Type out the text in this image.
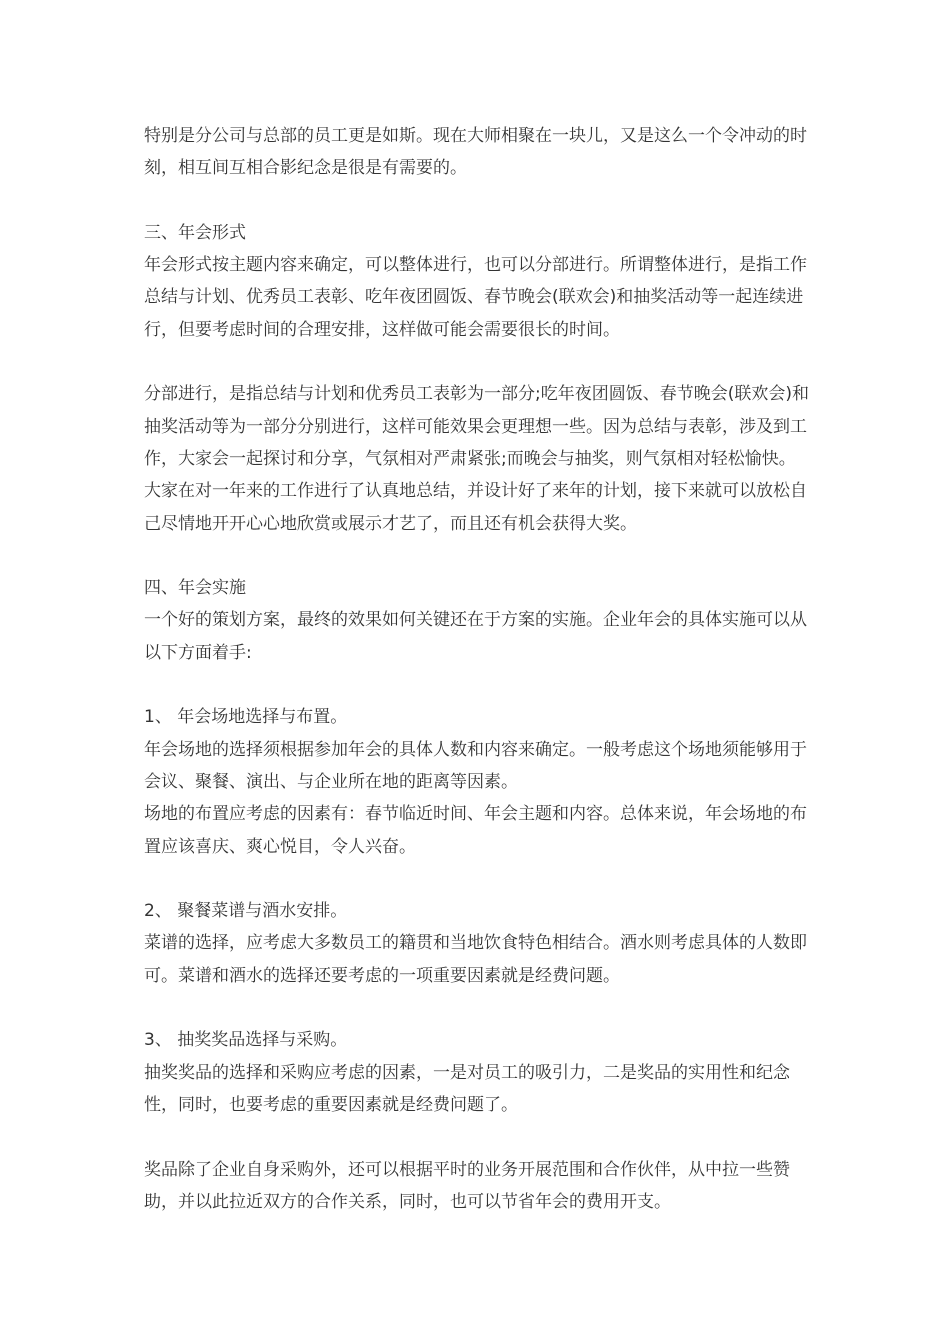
特别是分公司与总部的员工更是如斯。现在大师相聚在一块儿，又是这么一个令冲动的时刻，相互间互相合影纪念是很是有需要的。

三、年会形式

年会形式按主题内容来确定，可以整体进行，也可以分部进行。所谓整体进行，是指工作总结与计划、优秀员工表彰、吃年夜团圆饭、春节晚会(联欢会)和抽奖活动等一起连续进行，但要考虑时间的合理安排，这样做可能会需要很长的时间。

分部进行，是指总结与计划和优秀员工表彰为一部分;吃年夜团圆饭、春节晚会(联欢会)和抽奖活动等为一部分分别进行，这样可能效果会更理想一些。因为总结与表彰，涉及到工作，大家会一起探讨和分享，气氛相对严肃紧张;而晚会与抽奖，则气氛相对轻松愉快。大家在对一年来的工作进行了认真地总结，并设计好了来年的计划，接下来就可以放松自己尽情地开开心心地欣赏或展示才艺了，而且还有机会获得大奖。

四、年会实施

一个好的策划方案，最终的效果如何关键还在于方案的实施。企业年会的具体实施可以从以下方面着手:

1、 年会场地选择与布置。

年会场地的选择须根据参加年会的具体人数和内容来确定。一般考虑这个场地须能够用于会议、聚餐、演出、与企业所在地的距离等因素。

场地的布置应考虑的因素有：春节临近时间、年会主题和内容。总体来说，年会场地的布置应该喜庆、爽心悦目，令人兴奋。

2、 聚餐菜谱与酒水安排。

菜谱的选择，应考虑大多数员工的籍贯和当地饮食特色相结合。酒水则考虑具体的人数即可。菜谱和酒水的选择还要考虑的一项重要因素就是经费问题。

3、 抽奖奖品选择与采购。

抽奖奖品的选择和采购应考虑的因素，一是对员工的吸引力，二是奖品的实用性和纪念性，同时，也要考虑的重要因素就是经费问题了。

奖品除了企业自身采购外，还可以根据平时的业务开展范围和合作伙伴，从中拉一些赞助，并以此拉近双方的合作关系，同时，也可以节省年会的费用开支。
